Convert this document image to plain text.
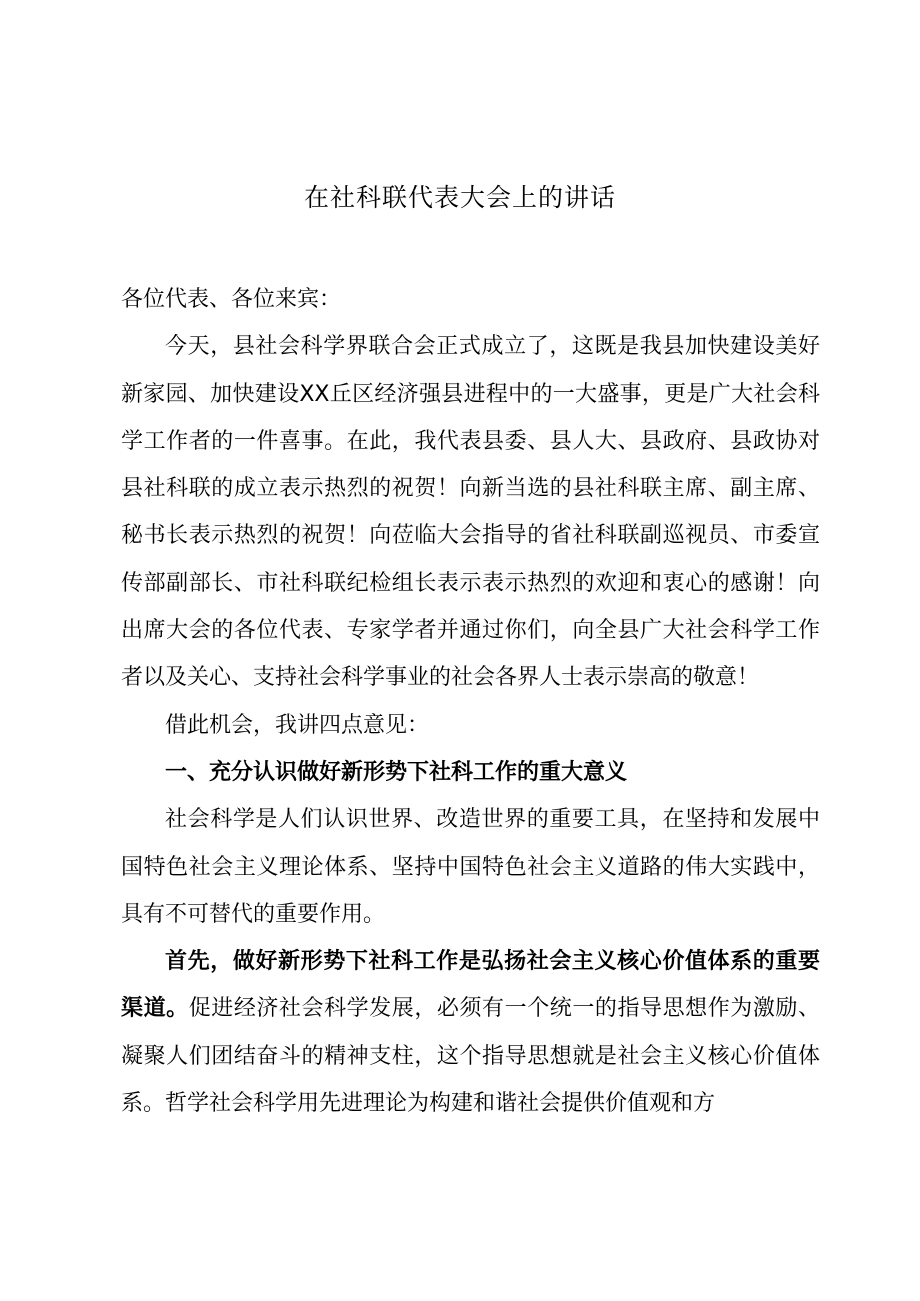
在社科联代表大会上的讲话

各位代表、各位来宾：

今天，县社会科学界联合会正式成立了，这既是我县加快建设美好新家园、加快建设XX丘区经济强县进程中的一大盛事，更是广大社会科学工作者的一件喜事。在此，我代表县委、县人大、县政府、县政协对县社科联的成立表示热烈的祝贺！向新当选的县社科联主席、副主席、秘书长表示热烈的祝贺！向莅临大会指导的省社科联副巡视员、市委宣传部副部长、市社科联纪检组长表示表示热烈的欢迎和衷心的感谢！向出席大会的各位代表、专家学者并通过你们，向全县广大社会科学工作者以及关心、支持社会科学事业的社会各界人士表示崇高的敬意！

借此机会，我讲四点意见：

一、充分认识做好新形势下社科工作的重大意义

社会科学是人们认识世界、改造世界的重要工具，在坚持和发展中国特色社会主义理论体系、坚持中国特色社会主义道路的伟大实践中，具有不可替代的重要作用。

首先，做好新形势下社科工作是弘扬社会主义核心价值体系的重要渠道。促进经济社会科学发展，必须有一个统一的指导思想作为激励、凝聚人们团结奋斗的精神支柱，这个指导思想就是社会主义核心价值体系。哲学社会科学用先进理论为构建和谐社会提供价值观和方
